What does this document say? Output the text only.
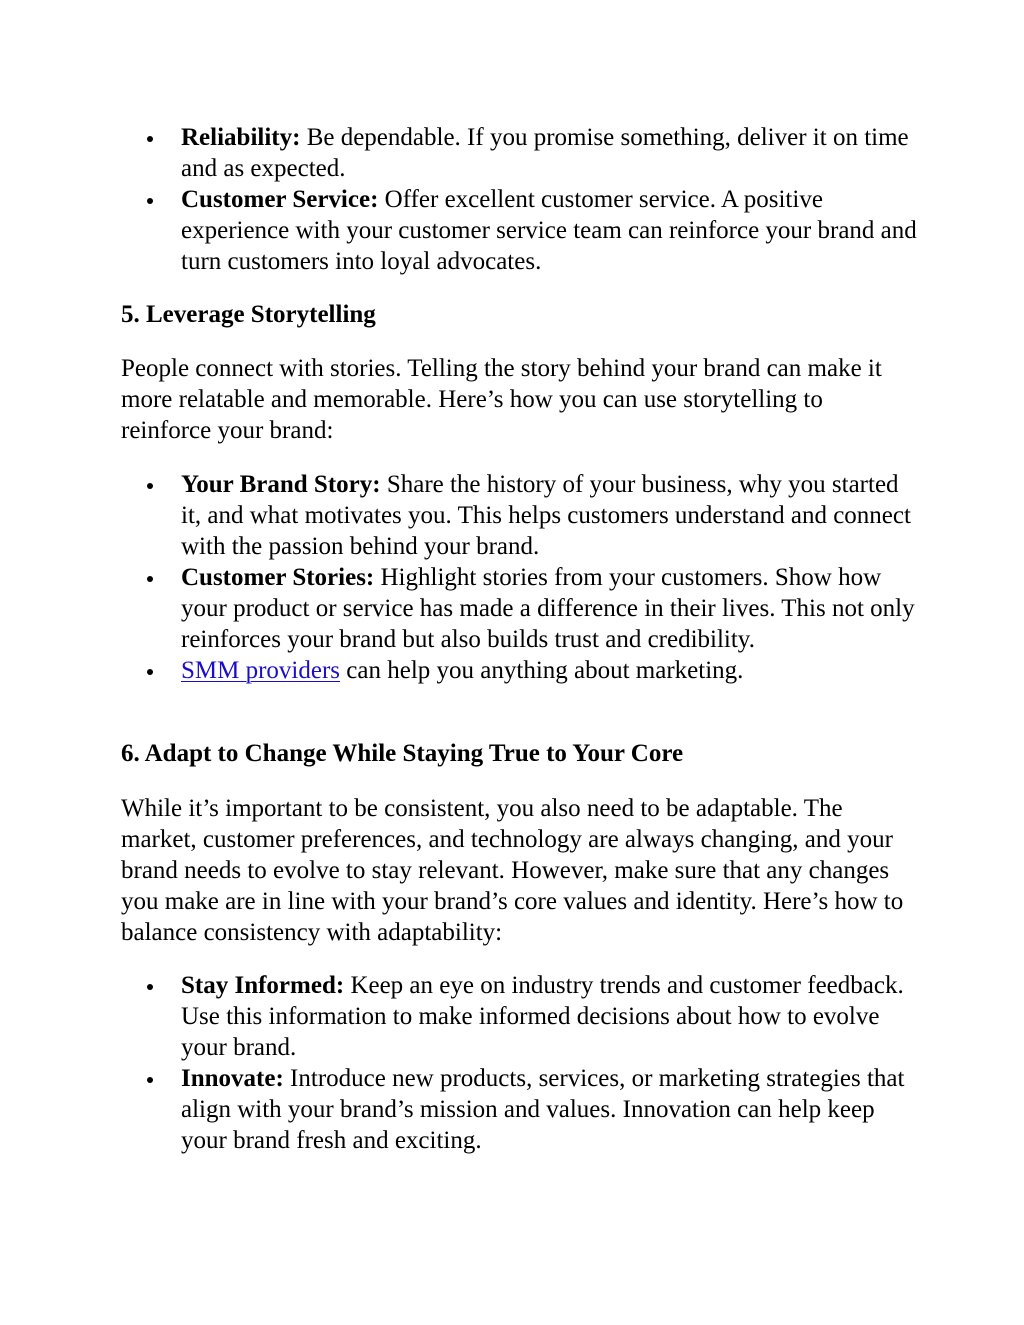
Reliability: Be dependable. If you promise something, deliver it on time and as expected.
Customer Service: Offer excellent customer service. A positive experience with your customer service team can reinforce your brand and turn customers into loyal advocates.
5. Leverage Storytelling

People connect with stories. Telling the story behind your brand can make it more relatable and memorable. Here’s how you can use storytelling to reinforce your brand:

Your Brand Story: Share the history of your business, why you started it, and what motivates you. This helps customers understand and connect with the passion behind your brand.
Customer Stories: Highlight stories from your customers. Show how your product or service has made a difference in their lives. This not only reinforces your brand but also builds trust and credibility.
SMM providers can help you anything about marketing.
6. Adapt to Change While Staying True to Your Core

While it’s important to be consistent, you also need to be adaptable. The market, customer preferences, and technology are always changing, and your brand needs to evolve to stay relevant. However, make sure that any changes you make are in line with your brand’s core values and identity. Here’s how to balance consistency with adaptability:

Stay Informed: Keep an eye on industry trends and customer feedback. Use this information to make informed decisions about how to evolve your brand.
Innovate: Introduce new products, services, or marketing strategies that align with your brand’s mission and values. Innovation can help keep your brand fresh and exciting.
